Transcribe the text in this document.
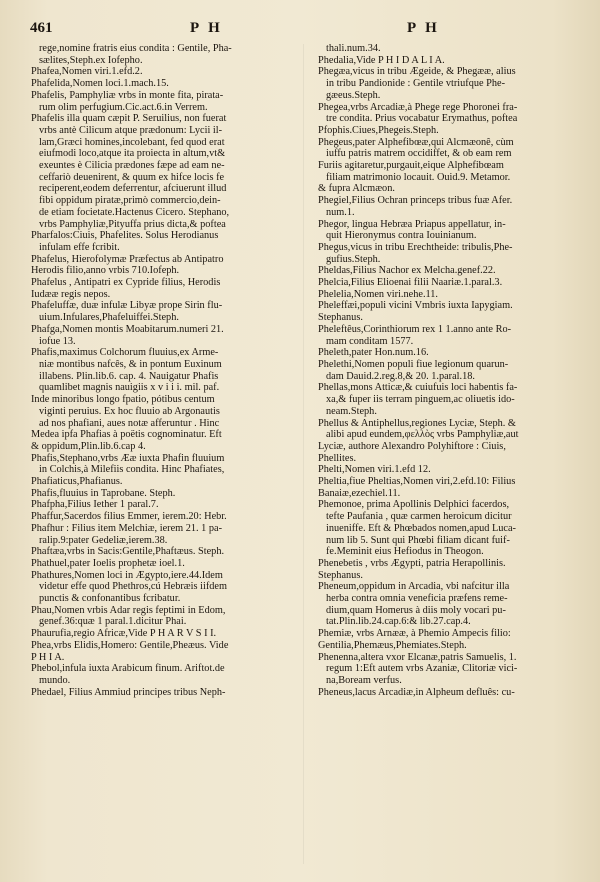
461	PH	PH

rege,nomine fratris eius condita : Gentile, Pha-

sælites,Steph.ex Iofepho.

Phafea,Nomen viri.1.efd.2.

Phafelida,Nomen loci.1.mach.15.

Phafelis, Pamphyliæ vrbs in monte fita, pirata-

rum olim perfugium.Cic.act.6.in Verrem.

Phafelis illa quam cæpit P. Seruilius, non fuerat

vrbs antè Cilicum atque prædonum: Lycii il-

lam,Græci homines,incolebant, fed quod erat

eiufmodi loco,atque ita proiecta in altum,vt&

exeuntes è Cilicia prædones fæpe ad eam ne-

ceffariò deuenirent, & quum ex hifce locis fe

reciperent,eodem deferrentur, afciuerunt illud

fibi oppidum piratæ,primò commercio,dein-

de etiam focietate.Hactenus Cicero. Stephano,

vrbs Pamphyliæ,Pityuffa prius dicta,& poftea

Pharfalos:Ciuis, Phafelites. Solus Herodianus

infulam effe fcribit.

Phafelus, Hierofolymæ Præfectus ab Antipatro

Herodis filio,anno vrbis 710.Iofeph.

Phafelus , Antipatri ex Cypride filius, Herodis

Iudææ regis nepos.

Phafeluffæ, duæ infulæ Libyæ prope Sirin flu-

uium.Infulares,Phafeluiffei.Steph.

Phafga,Nomen montis Moabitarum.numeri 21.

iofue 13.

Phafis,maximus Colchorum fluuius,ex Arme-

niæ montibus nafcês, & in pontum Euxinum

illabens. Plin.lib.6. cap. 4. Nauigatur Phafis

quamlibet magnis nauigiis x v i i i. mil. paf.

Inde minoribus longo fpatio, pótibus centum

viginti peruius. Ex hoc fluuio ab Argonautis

ad nos phafiani, aues notæ afferuntur . Hinc

Medea ipfa Phafias à poëtis cognominatur. Eft

& oppidum,Plin.lib.6.cap 4.

Phafis,Stephano,vrbs Ææ iuxta Phafin fluuium

in Colchis,à Milefiis condita. Hinc Phafiates,

Phafiaticus,Phafianus.

Phafis,fluuius in Taprobane. Steph.

Phafpha,Filius Iether 1 paral.7.

Phaffur,Sacerdos filius Emmer, ierem.20: Hebr.

Phafhur : Filius item Melchiæ, ierem 21. 1 pa-

ralip.9:pater Gedeliæ,ierem.38.

Phaftæa,vrbs in Sacis:Gentile,Phaftæus. Steph.

Phathuel,pater Ioelis prophetæ ioel.1.

Phathures,Nomen loci in Ægypto,iere.44.Idem

videtur effe quod Phethros,cú Hebræis iifdem

punctis & confonantibus fcribatur.

Phau,Nomen vrbis Adar regis feptimi in Edom,

genef.36:quæ 1 paral.1.dicitur Phai.

Phaurufia,regio Africæ,Vide P H A R V S I I.

Phea,vrbs Elidis,Homero: Gentile,Pheæus. Vide

P H I A.

Phebol,infula iuxta Arabicum finum. Ariftot.de

mundo.

Phedael, Filius Ammiud principes tribus Neph-

thali.num.34.

Phedalia,Vide P H I D A L I A.

Phegæa,vicus in tribu Ægeide, & Phegææ, alius

in tribu Pandionide : Gentile vtriufque Phe-

gæeus.Steph.

Phegea,vrbs Arcadiæ,à Phege rege Phoronei fra-

tre condita. Prius vocabatur Erymathus, poftea

Pfophis.Ciues,Phegeis.Steph.

Phegeus,pater Alphefibœæ,qui Alcmæonê, cùm

iuffu patris matrem occidiffet, & ob eam rem

Furiis agitaretur,purgauit,eique Alphefibœam

filiam matrimonio locauit. Ouid.9. Metamor.

& fupra Alcmæon.

Phegiel,Filius Ochran princeps tribus fuæ Afer.

num.1.

Phegor, lingua Hebræa Priapus appellatur, in-

quit Hieronymus contra Iouinianum.

Phegus,vicus in tribu Erechtheide: tribulis,Phe-

gufius.Steph.

Pheldas,Filius Nachor ex Melcha.genef.22.

Phelcia,Filius Elioenai filii Naariæ.1.paral.3.

Phelelia,Nomen viri.nehe.11.

Pheleffæi,populi vicini Vmbris iuxta Iapygiam.

Stephanus.

Pheleftêus,Corinthiorum rex 1 1.anno ante Ro-

mam conditam 1577.

Pheleth,pater Hon.num.16.

Phelethi,Nomen populi fiue legionum quarun-

dam Dauid.2.reg.8,& 20. 1.paral.18.

Phellas,mons Atticæ,& cuiufuis loci habentis fa-

xa,& fuper iis terram pinguem,ac oliuetis ido-

neam.Steph.

Phellus & Antiphellus,regiones Lyciæ, Steph. &

alibi apud eundem,φελλὸς vrbs Pamphyliæ,aut

Lyciæ, authore Alexandro Polyhiftore : Ciuis,

Phellites.

Phelti,Nomen viri.1.efd 12.

Pheltia,fiue Pheltias,Nomen viri,2.efd.10: Filius

Banaiæ,ezechiel.11.

Phemonoe, prima Apollinis Delphici facerdos,

tefte Paufania , quæ carmen heroicum dicitur

inueniffe. Eft & Phœbados nomen,apud Luca-

num lib 5. Sunt qui Phœbi filiam dicant fuif-

fe.Meminit eius Hefiodus in Theogon.

Phenebetis , vrbs Ægypti, patria Herapollinis.

Stephanus.

Pheneum,oppidum in Arcadia, vbi nafcitur illa

herba contra omnia veneficia præfens reme-

dium,quam Homerus à diis moly vocari pu-

tat.Plin.lib.24.cap.6:& lib.27.cap.4.

Phemiæ, vrbs Arnææ, à Phemio Ampecis filio:

Gentilia,Phemæus,Phemiates.Steph.

Phenenna,altera vxor Elcanæ,patris Samuelis, 1.

regum 1:Eft autem vrbs Azaniæ, Clitoriæ vici-

na,Boream verfus.

Pheneus,lacus Arcadiæ,in Alpheum defluês: cu-
